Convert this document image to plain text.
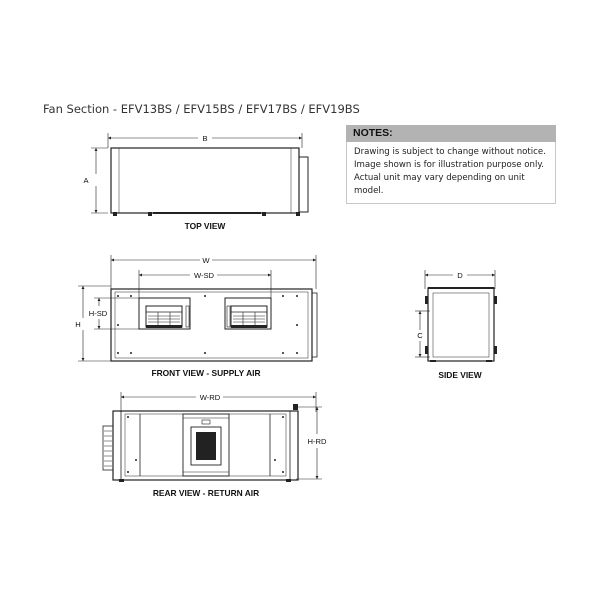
Fan Section - EFV13BS / EFV15BS / EFV17BS / EFV19BS
NOTES:
Drawing is subject to change without notice.
Image shown is for illustration purpose only.
Actual unit may vary depending on unit
model.
B
A
TOP VIEW
W
W-SD
H
H-SD
FRONT VIEW - SUPPLY AIR
D
C
SIDE VIEW
W-RD
H-RD
REAR VIEW - RETURN AIR
